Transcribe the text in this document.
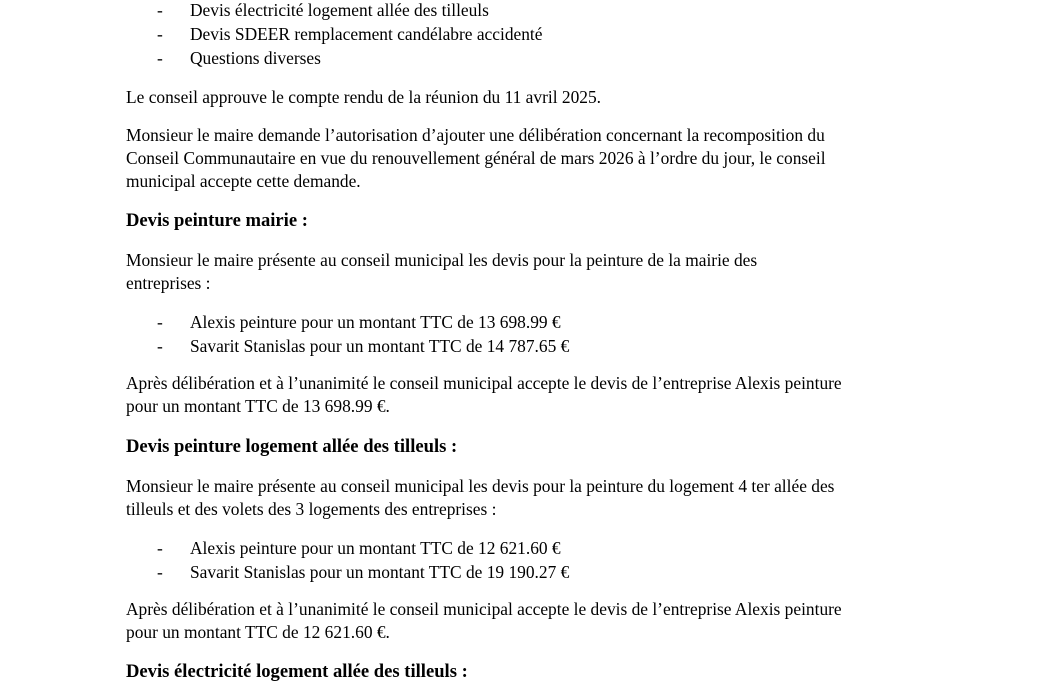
- Devis électricité logement allée des tilleuls
- Devis SDEER remplacement candélabre accidenté
- Questions diverses
Le conseil approuve le compte rendu de la réunion du 11 avril 2025.
Monsieur le maire demande l’autorisation d’ajouter une délibération concernant la recomposition du
Conseil Communautaire en vue du renouvellement général de mars 2026 à l’ordre du jour, le conseil
municipal accepte cette demande.
Devis peinture mairie :
Monsieur le maire présente au conseil municipal les devis pour la peinture de la mairie des
entreprises :
- Alexis peinture pour un montant TTC de 13 698.99 €
- Savarit Stanislas pour un montant TTC de 14 787.65 €
Après délibération et à l’unanimité le conseil municipal accepte le devis de l’entreprise Alexis peinture
pour un montant TTC de 13 698.99 €.
Devis peinture logement allée des tilleuls :
Monsieur le maire présente au conseil municipal les devis pour la peinture du logement 4 ter allée des
tilleuls et des volets des 3 logements des entreprises :
- Alexis peinture pour un montant TTC de 12 621.60 €
- Savarit Stanislas pour un montant TTC de 19 190.27 €
Après délibération et à l’unanimité le conseil municipal accepte le devis de l’entreprise Alexis peinture
pour un montant TTC de 12 621.60 €.
Devis électricité logement allée des tilleuls :
